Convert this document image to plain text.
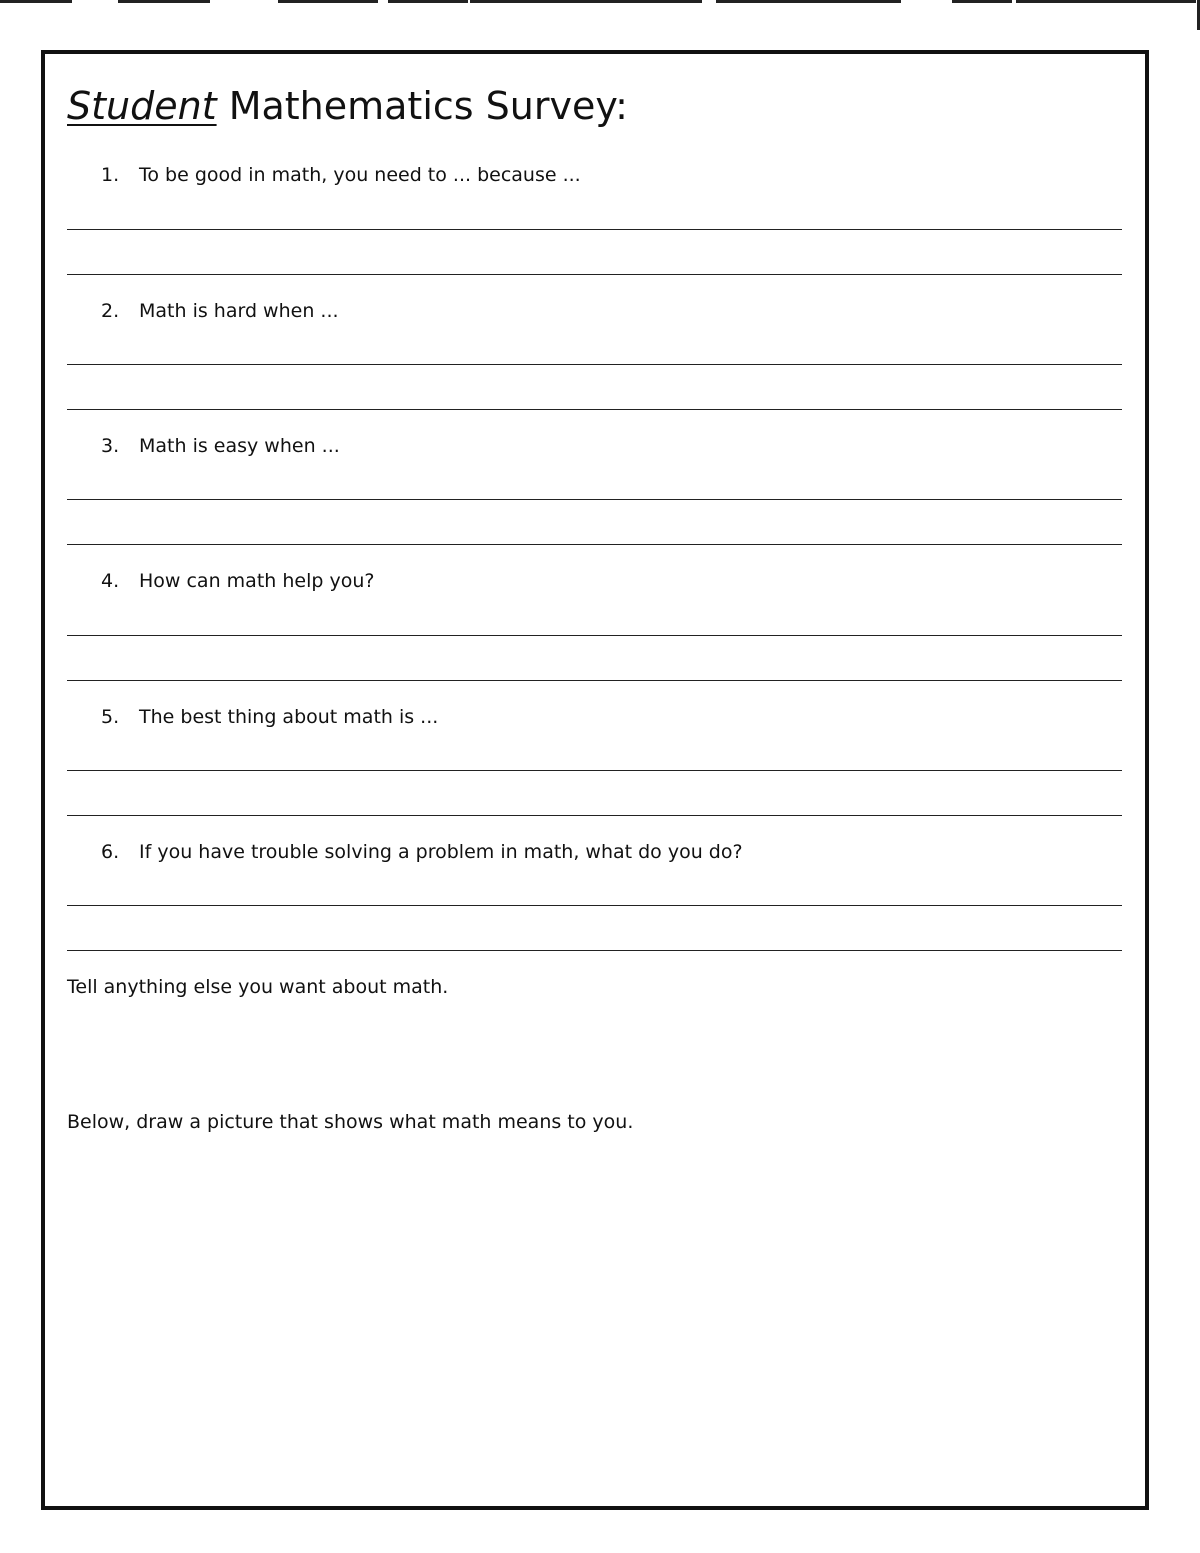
Student Mathematics Survey:
1. To be good in math, you need to ... because ...
2. Math is hard when ...
3. Math is easy when ...
4. How can math help you?
5. The best thing about math is ...
6. If you have trouble solving a problem in math, what do you do?
Tell anything else you want about math.
Below, draw a picture that shows what math means to you.
